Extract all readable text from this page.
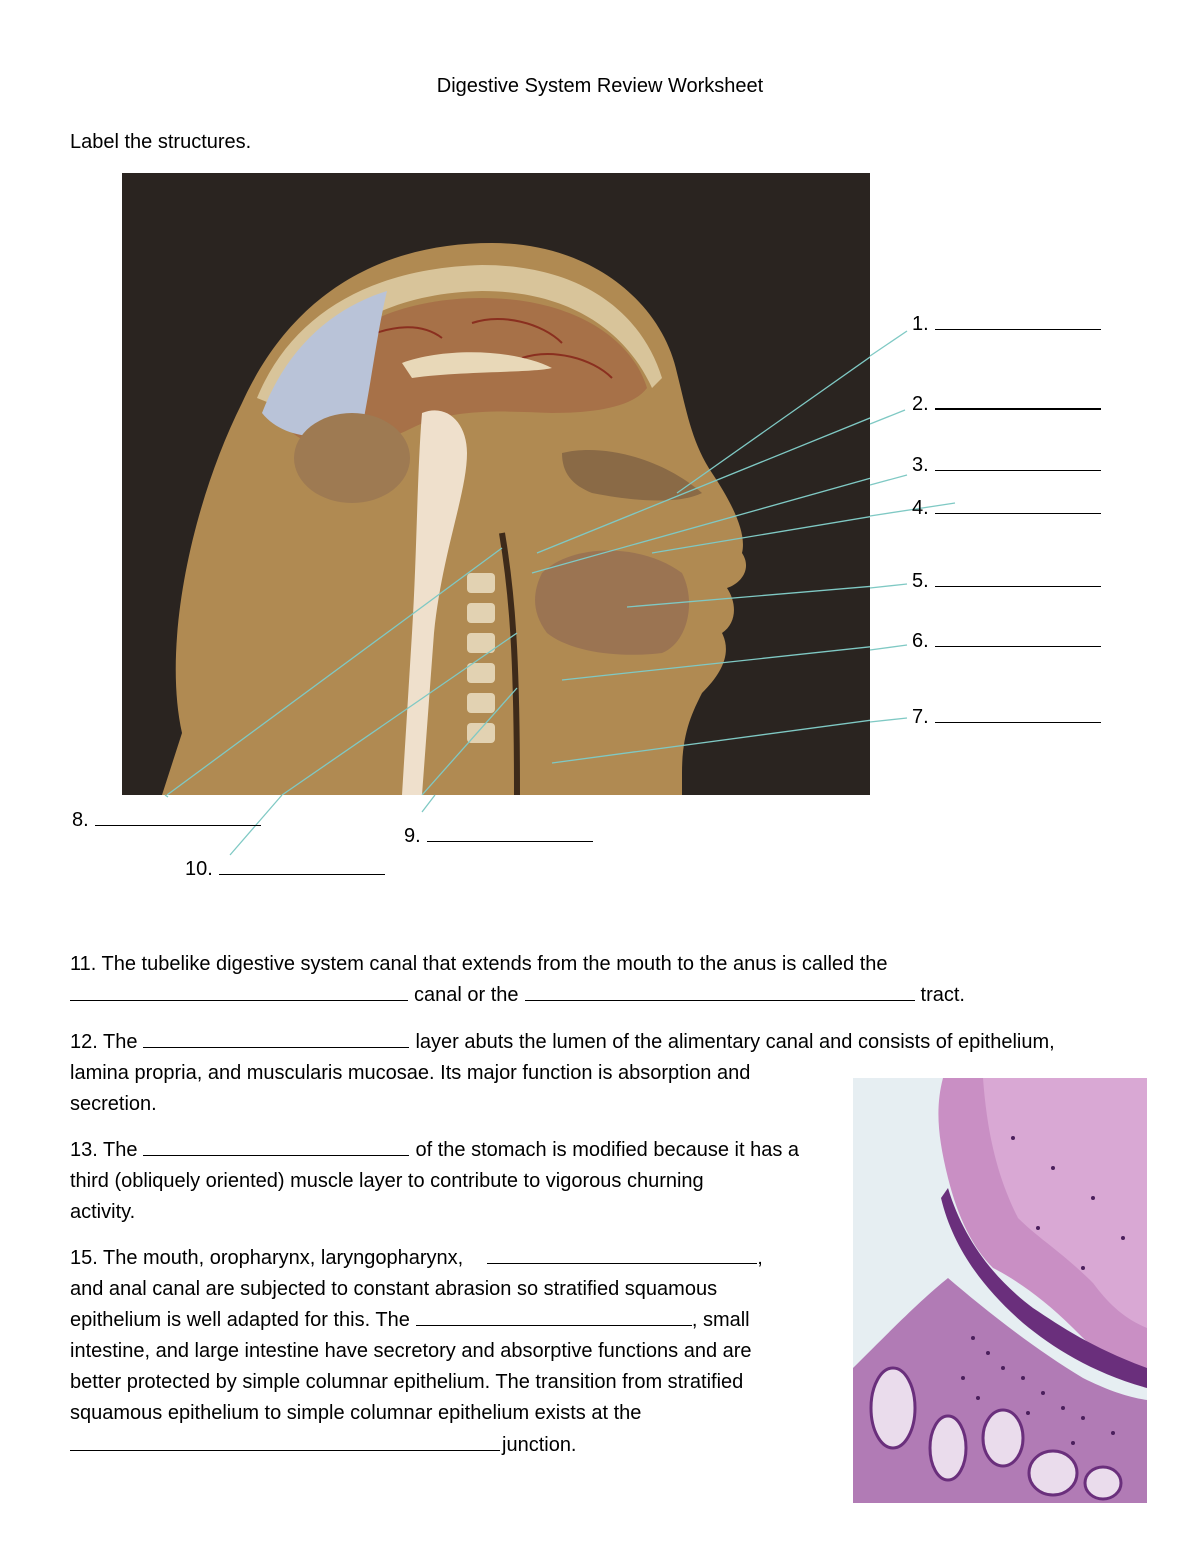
Digestive System Review Worksheet
Label the structures.
1.
2.
3.
4.
5.
6.
7.
8.
9.
10.
11. The tubelike digestive system canal that extends from the mouth to the anus is called the
canal or the	tract.
12. The	layer abuts the lumen of the alimentary canal and consists of epithelium,
lamina propria, and muscularis mucosae. Its major function is absorption and
secretion.
13. The	of the stomach is modified because it has a
third (obliquely oriented) muscle layer to contribute to vigorous churning
activity.
15. The mouth, oropharynx, laryngopharynx,	,
and anal canal are subjected to constant abrasion so stratified squamous
epithelium is well adapted for this. The	, small
intestine, and large intestine have secretory and absorptive functions and are
better protected by simple columnar epithelium. The transition from stratified
squamous epithelium to simple columnar epithelium exists at the
junction.
